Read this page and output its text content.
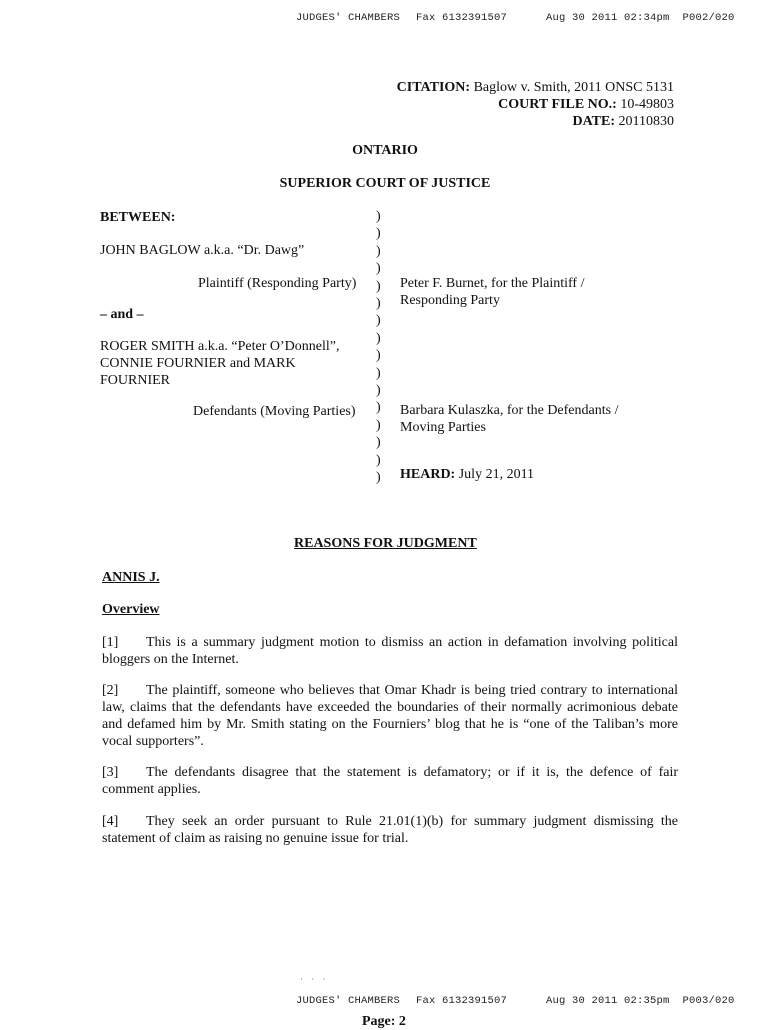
JUDGES' CHAMBERS Fax 6132391507	Aug 30 2011 02:34pm  P002/020
CITATION: Baglow v. Smith, 2011 ONSC 5131
COURT FILE NO.: 10-49803
DATE: 20110830
ONTARIO
SUPERIOR COURT OF JUSTICE
BETWEEN:
JOHN BAGLOW a.k.a. “Dr. Dawg”
Plaintiff (Responding Party)
– and –
ROGER SMITH a.k.a. “Peter O’Donnell”,
CONNIE FOURNIER and MARK
FOURNIER
Defendants (Moving Parties)
)
)
)
)
)
)
)
)
)
)
)
)
)
)
)
)
Peter F. Burnet, for the Plaintiff /
Responding Party
Barbara Kulaszka, for the Defendants /
Moving Parties
HEARD: July 21, 2011
REASONS FOR JUDGMENT
ANNIS J.
Overview
[1] This is a summary judgment motion to dismiss an action in defamation involving political bloggers on the Internet.
[2] The plaintiff, someone who believes that Omar Khadr is being tried contrary to international law, claims that the defendants have exceeded the boundaries of their normally acrimonious debate and defamed him by Mr. Smith stating on the Fourniers’ blog that he is “one of the Taliban’s more vocal supporters”.
[3] The defendants disagree that the statement is defamatory; or if it is, the defence of fair comment applies.
[4] They seek an order pursuant to Rule 21.01(1)(b) for summary judgment dismissing the statement of claim as raising no genuine issue for trial.
· · ·
JUDGES' CHAMBERS Fax 6132391507	Aug 30 2011 02:35pm  P003/020
Page: 2
